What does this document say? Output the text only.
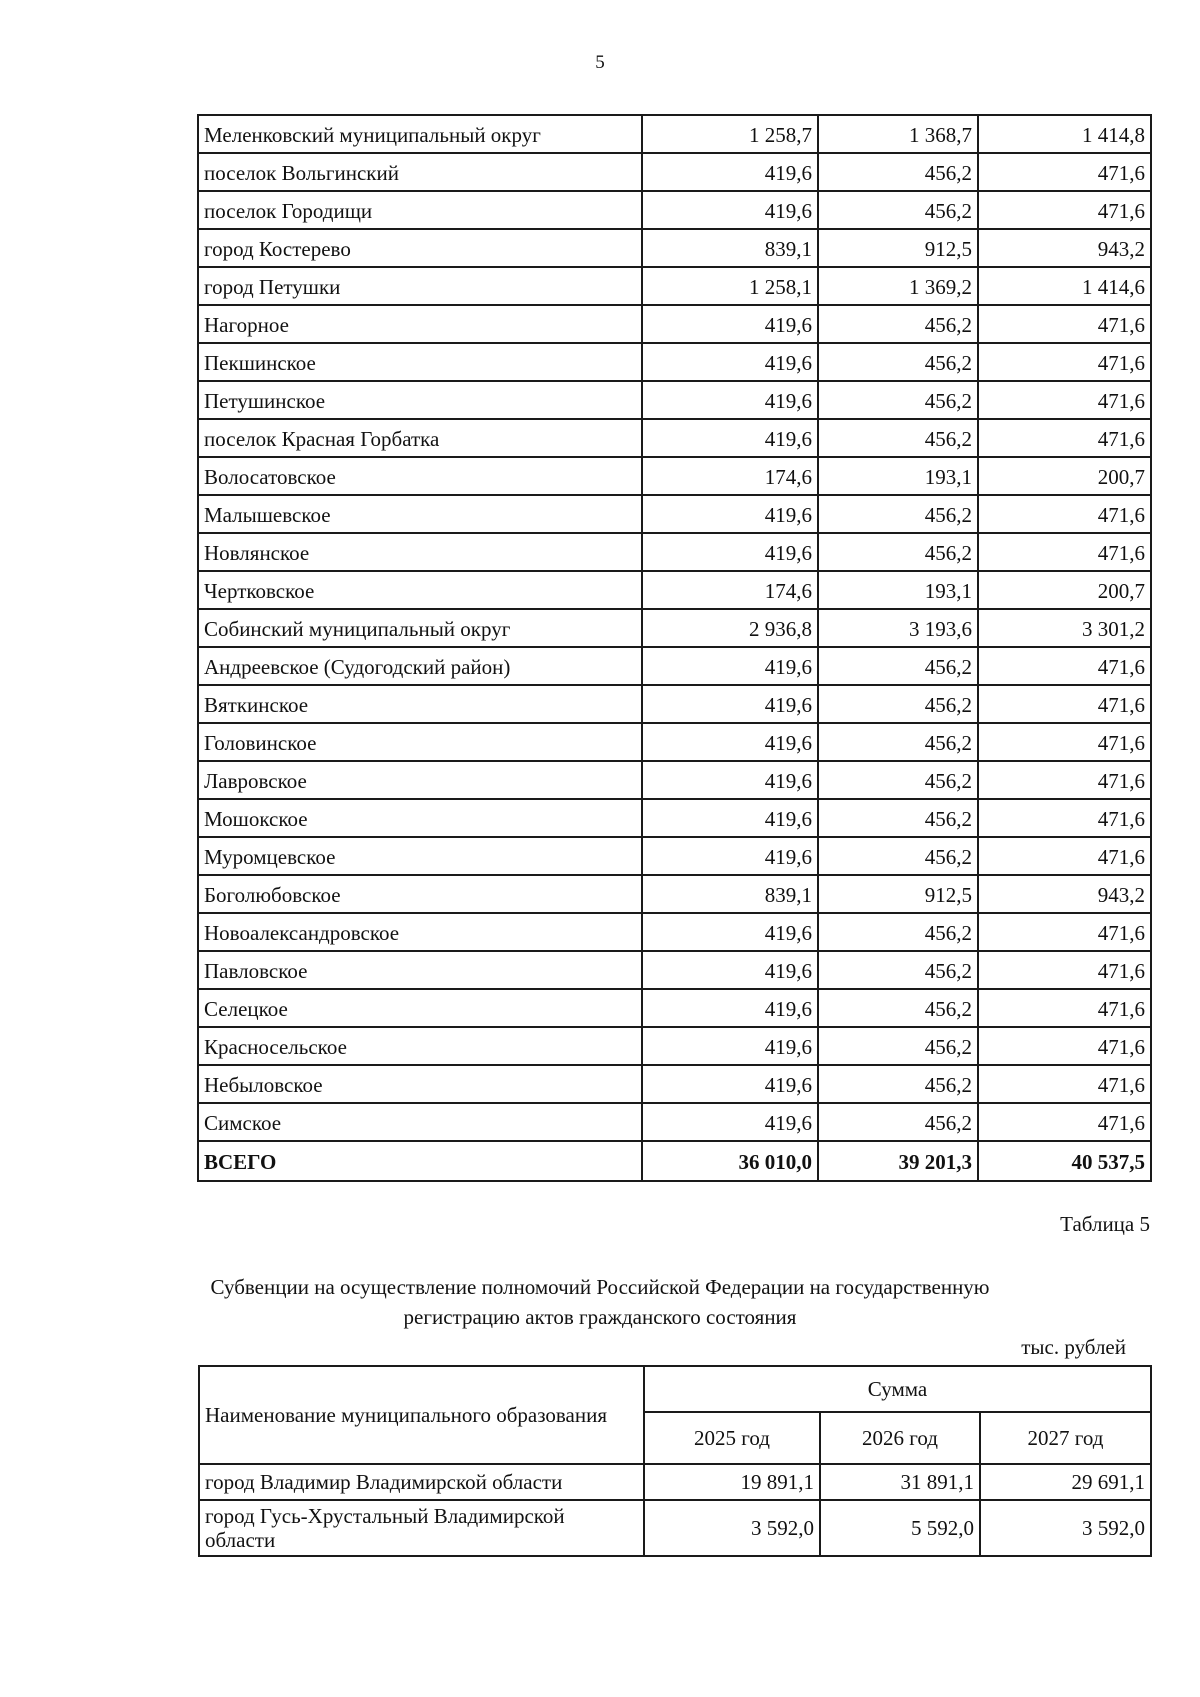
5
Меленковский муниципальный округ	1 258,7	1 368,7	1 414,8
поселок Вольгинский	419,6	456,2	471,6
поселок Городищи	419,6	456,2	471,6
город Костерево	839,1	912,5	943,2
город Петушки	1 258,1	1 369,2	1 414,6
Нагорное	419,6	456,2	471,6
Пекшинское	419,6	456,2	471,6
Петушинское	419,6	456,2	471,6
поселок Красная Горбатка	419,6	456,2	471,6
Волосатовское	174,6	193,1	200,7
Малышевское	419,6	456,2	471,6
Новлянское	419,6	456,2	471,6
Чертковское	174,6	193,1	200,7
Собинский муниципальный округ	2 936,8	3 193,6	3 301,2
Андреевское (Судогодский район)	419,6	456,2	471,6
Вяткинское	419,6	456,2	471,6
Головинское	419,6	456,2	471,6
Лавровское	419,6	456,2	471,6
Мошокское	419,6	456,2	471,6
Муромцевское	419,6	456,2	471,6
Боголюбовское	839,1	912,5	943,2
Новоалександровское	419,6	456,2	471,6
Павловское	419,6	456,2	471,6
Селецкое	419,6	456,2	471,6
Красносельское	419,6	456,2	471,6
Небыловское	419,6	456,2	471,6
Симское	419,6	456,2	471,6
ВСЕГО	36 010,0	39 201,3	40 537,5
Таблица 5
Субвенции на осуществление полномочий Российской Федерации на государственную регистрацию актов гражданского состояния
тыс. рублей
Наименование муниципального образования	Сумма		
	2025 год	2026 год	2027 год
город Владимир Владимирской области	19 891,1	31 891,1	29 691,1
город Гусь-Хрустальный Владимирской области	3 592,0	5 592,0	3 592,0
